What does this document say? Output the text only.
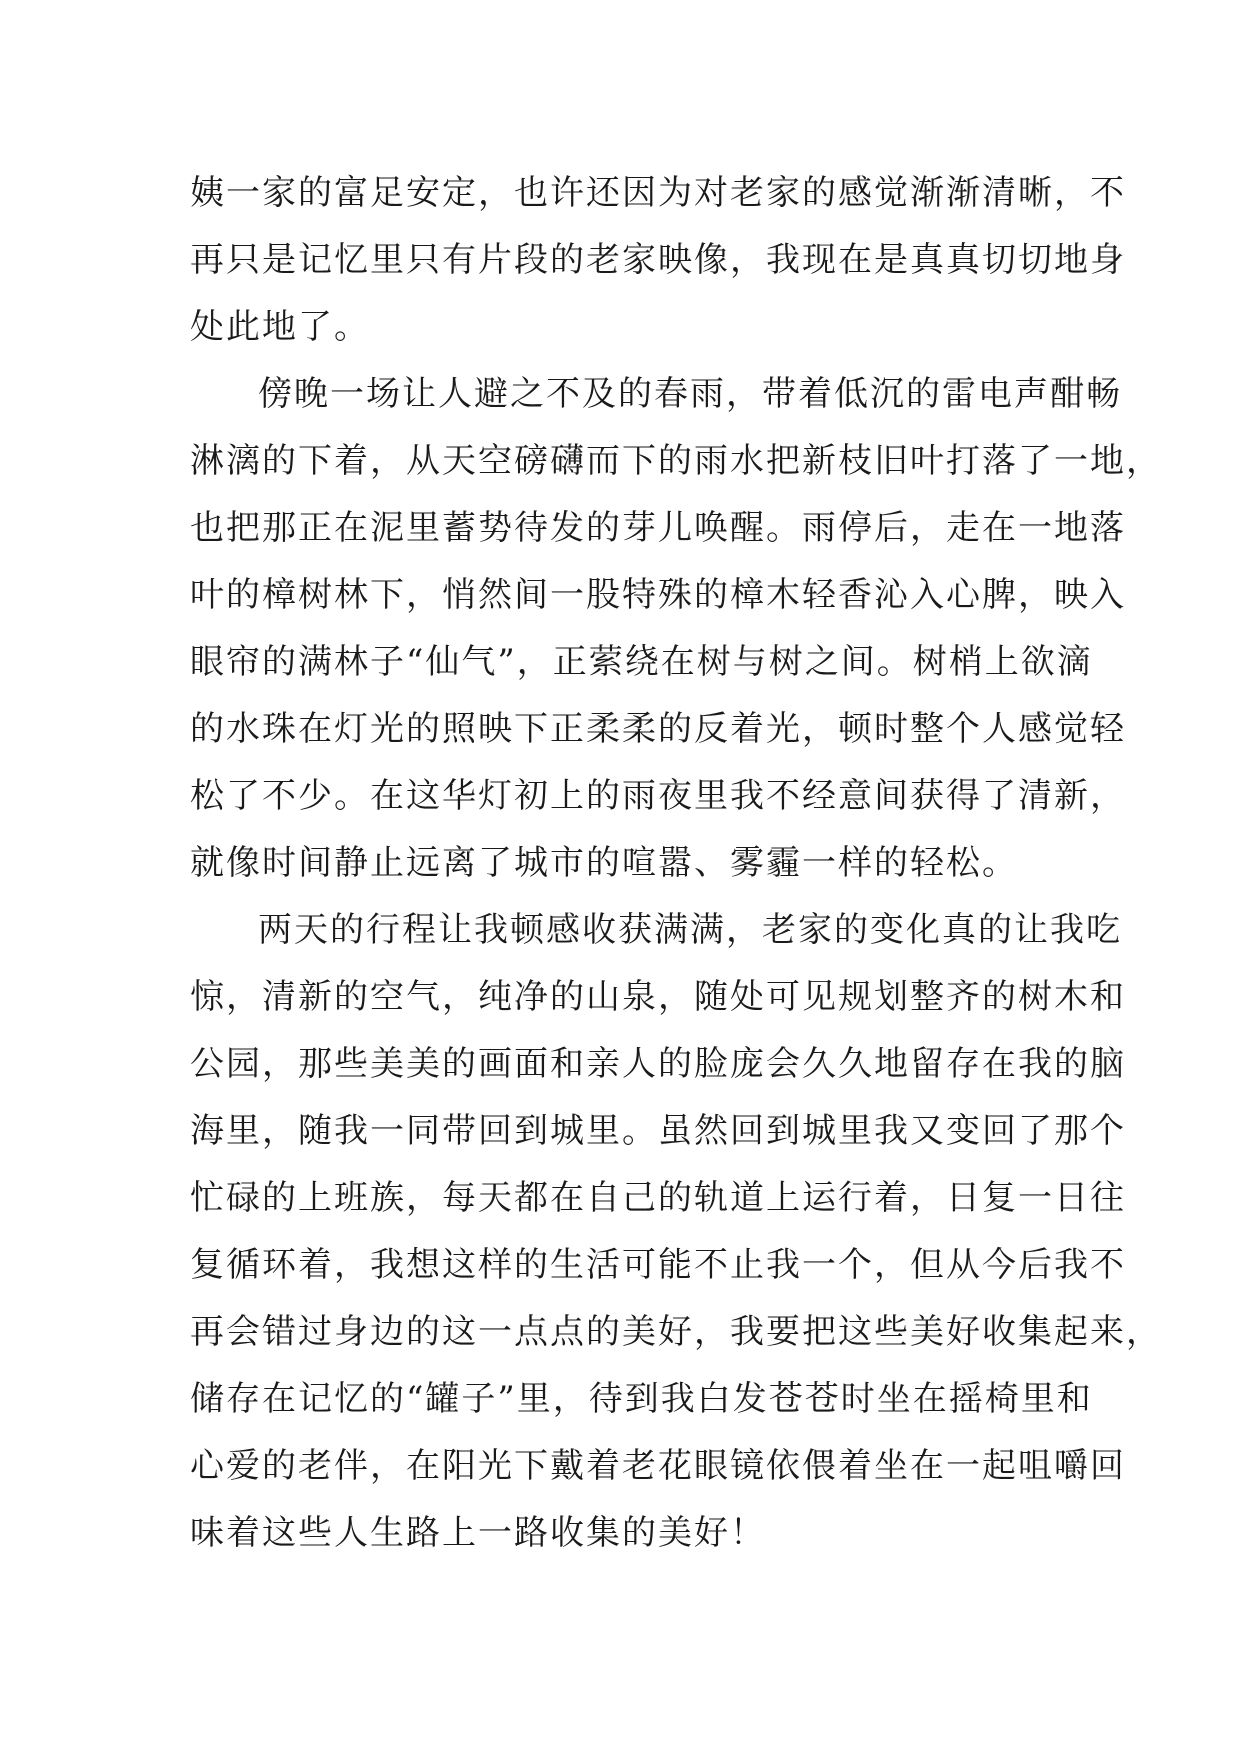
姨一家的富足安定，也许还因为对老家的感觉渐渐清晰，不
再只是记忆里只有片段的老家映像，我现在是真真切切地身
处此地了。
傍晚一场让人避之不及的春雨，带着低沉的雷电声酣畅
淋漓的下着，从天空磅礴而下的雨水把新枝旧叶打落了一地，
也把那正在泥里蓄势待发的芽儿唤醒。雨停后，走在一地落
叶的樟树林下，悄然间一股特殊的樟木轻香沁入心脾，映入
眼帘的满林子“仙气”，正萦绕在树与树之间。树梢上欲滴
的水珠在灯光的照映下正柔柔的反着光，顿时整个人感觉轻
松了不少。在这华灯初上的雨夜里我不经意间获得了清新，
就像时间静止远离了城市的喧嚣、雾霾一样的轻松。
两天的行程让我顿感收获满满，老家的变化真的让我吃
惊，清新的空气，纯净的山泉，随处可见规划整齐的树木和
公园，那些美美的画面和亲人的脸庞会久久地留存在我的脑
海里，随我一同带回到城里。虽然回到城里我又变回了那个
忙碌的上班族，每天都在自己的轨道上运行着，日复一日往
复循环着，我想这样的生活可能不止我一个，但从今后我不
再会错过身边的这一点点的美好，我要把这些美好收集起来，
储存在记忆的“罐子”里，待到我白发苍苍时坐在摇椅里和
心爱的老伴，在阳光下戴着老花眼镜依偎着坐在一起咀嚼回
味着这些人生路上一路收集的美好！
